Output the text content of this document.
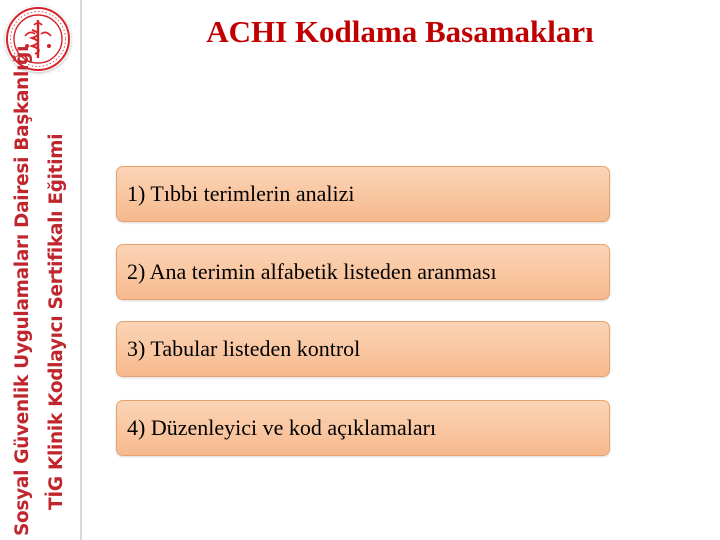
Sosyal Güvenlik Uygulamaları Dairesi Başkanlığı TİG Klinik Kodlayıcı Sertifikalı Eğitimi
ACHI Kodlama Basamakları
1) Tıbbi terimlerin analizi
2) Ana terimin alfabetik listeden aranması
3) Tabular listeden kontrol
4) Düzenleyici ve kod açıklamaları
